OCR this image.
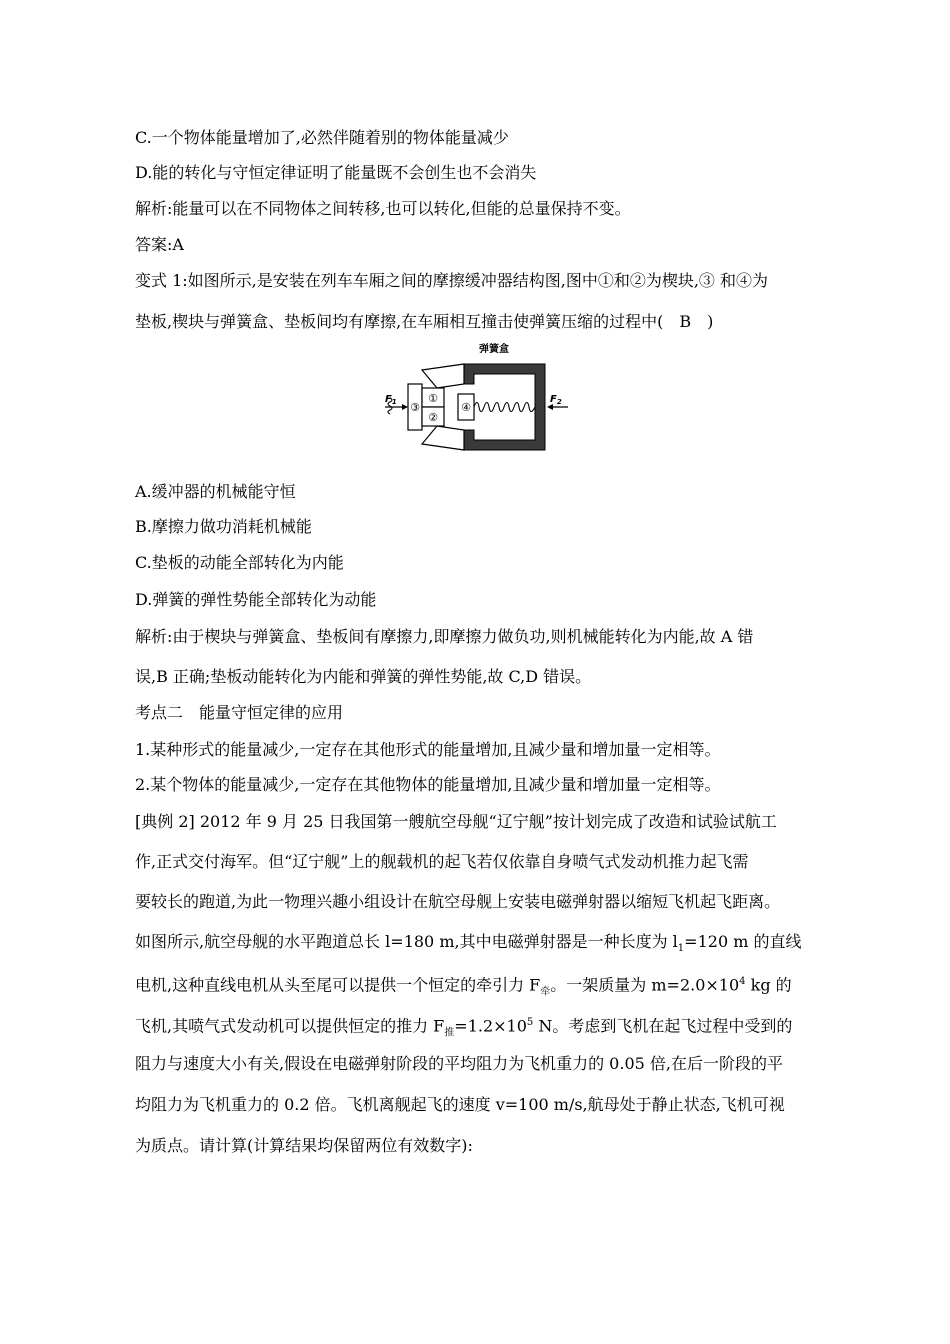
C.一个物体能量增加了,必然伴随着别的物体能量减少
D.能的转化与守恒定律证明了能量既不会创生也不会消失
解析:能量可以在不同物体之间转移,也可以转化,但能的总量保持不变。
答案:A
变式 1:如图所示,是安装在列车车厢之间的摩擦缓冲器结构图,图中①和②为楔块,③ 和④为
垫板,楔块与弹簧盒、垫板间均有摩擦,在车厢相互撞击使弹簧压缩的过程中(　B　)
弹簧盒
③
①
②
④
$F_1$	$F_2$
A.缓冲器的机械能守恒
B.摩擦力做功消耗机械能
C.垫板的动能全部转化为内能
D.弹簧的弹性势能全部转化为动能
解析:由于楔块与弹簧盒、垫板间有摩擦力,即摩擦力做负功,则机械能转化为内能,故 A 错
误,B 正确;垫板动能转化为内能和弹簧的弹性势能,故 C,D 错误。
考点二　能量守恒定律的应用
1.某种形式的能量减少,一定存在其他形式的能量增加,且减少量和增加量一定相等。
2.某个物体的能量减少,一定存在其他物体的能量增加,且减少量和增加量一定相等。
[典例 2] 2012 年 9 月 25 日我国第一艘航空母舰“辽宁舰”按计划完成了改造和试验试航工
作,正式交付海军。但“辽宁舰”上的舰载机的起飞若仅依靠自身喷气式发动机推力起飞需
要较长的跑道,为此一物理兴趣小组设计在航空母舰上安装电磁弹射器以缩短飞机起飞距离。
如图所示,航空母舰的水平跑道总长 l=180 m,其中电磁弹射器是一种长度为 $l_1=120$ m 的直线
电机,这种直线电机从头至尾可以提供一个恒定的牵引力 $F_牵$。一架质量为 $m=2.0\times 10^4$ kg 的
飞机,其喷气式发动机可以提供恒定的推力 $F_推=1.2\times 10^5$ N。考虑到飞机在起飞过程中受到的
阻力与速度大小有关,假设在电磁弹射阶段的平均阻力为飞机重力的 0.05 倍,在后一阶段的平
均阻力为飞机重力的 0.2 倍。飞机离舰起飞的速度 v=100 m/s,航母处于静止状态,飞机可视
为质点。请计算(计算结果均保留两位有效数字):
